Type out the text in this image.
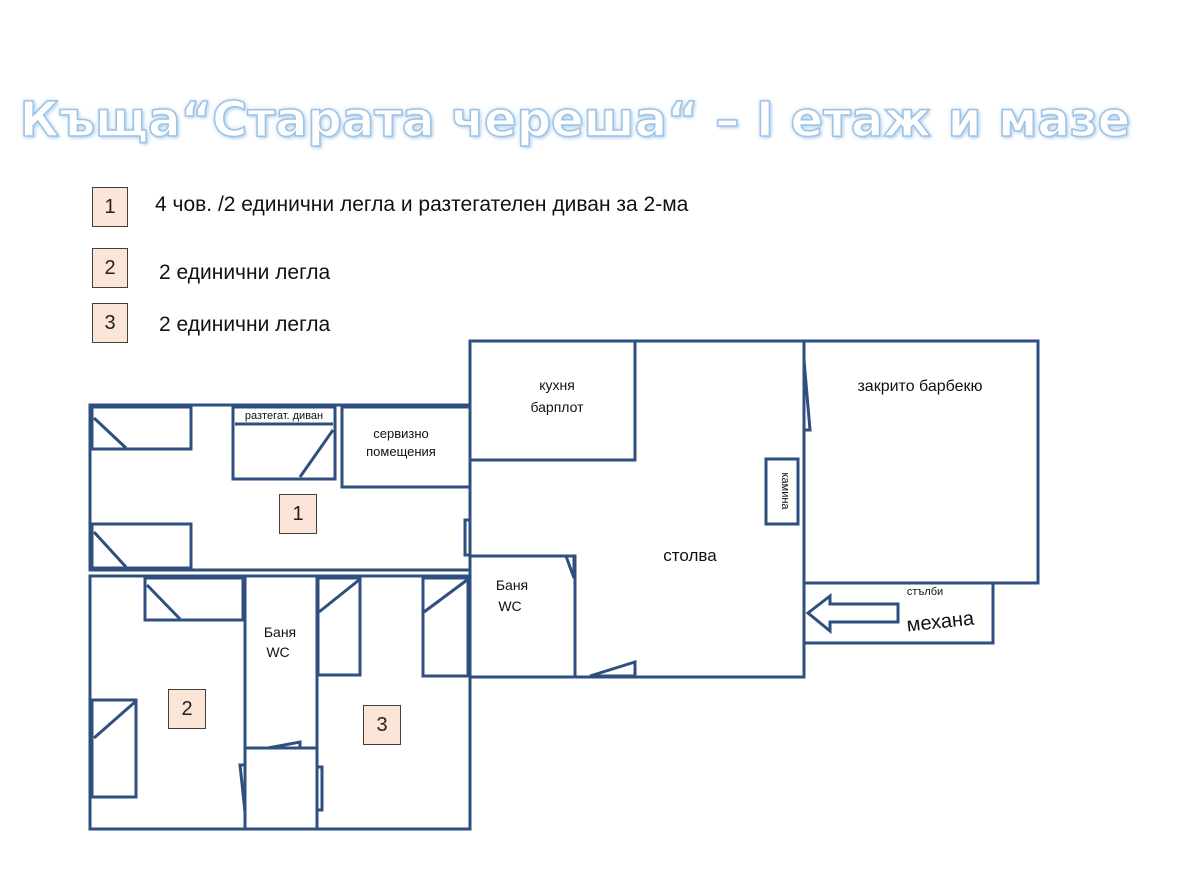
Къща“Старата череша“ – I етаж и мазе
1	4 чов. /2 единични легла и разтегателен диван за 2-ма
2	2 единични легла
3	2 единични легла
разтегат. диван
сервизно
помещения
кухня
барплот
закрито барбекю
столва
камина
Баня
WC
Баня
WC
стълби
механа
1
2
3
